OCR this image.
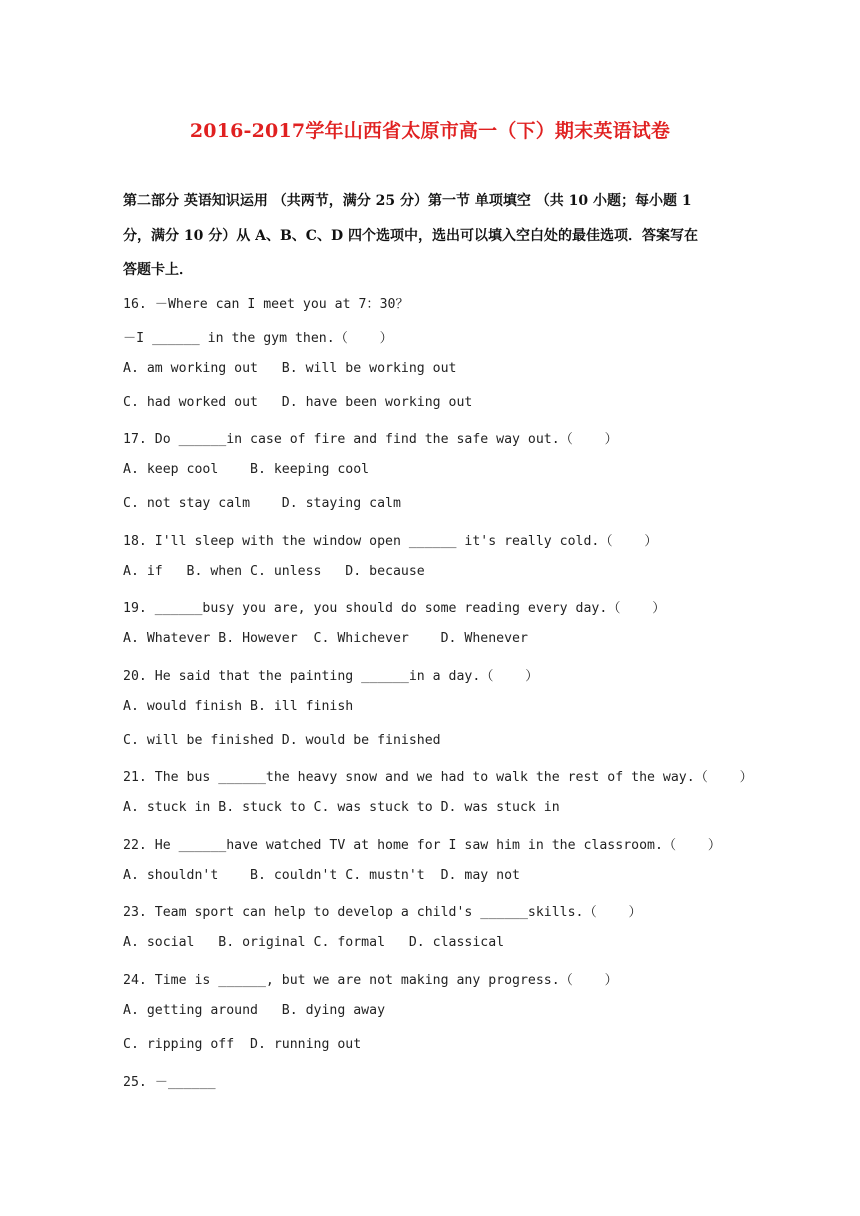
2016-2017学年山西省太原市高一（下）期末英语试卷
第二部分 英语知识运用 （共两节，满分 25 分）第一节 单项填空 （共 10 小题；每小题 1
分，满分 10 分）从 A、B、C、D 四个选项中，选出可以填入空白处的最佳选项．答案写在
答题卡上．
16. －Where can I meet you at 7：30？
－I ______ in the gym then.（    ）
A. am working out   B. will be working out
C. had worked out   D. have been working out
17. Do ______in case of fire and find the safe way out.（    ）
A. keep cool    B. keeping cool
C. not stay calm    D. staying calm
18. I'll sleep with the window open ______ it's really cold.（    ）
A. if   B. when C. unless   D. because
19. ______busy you are, you should do some reading every day.（    ）
A. Whatever B. However  C. Whichever    D. Whenever
20. He said that the painting ______in a day.（    ）
A. would finish B. ill finish
C. will be finished D. would be finished
21. The bus ______the heavy snow and we had to walk the rest of the way.（    ）
A. stuck in B. stuck to C. was stuck to D. was stuck in
22. He ______have watched TV at home for I saw him in the classroom.（    ）
A. shouldn't    B. couldn't C. mustn't  D. may not
23. Team sport can help to develop a child's ______skills.（    ）
A. social   B. original C. formal   D. classical
24. Time is ______, but we are not making any progress.（    ）
A. getting around   B. dying away
C. ripping off  D. running out
25. －______
